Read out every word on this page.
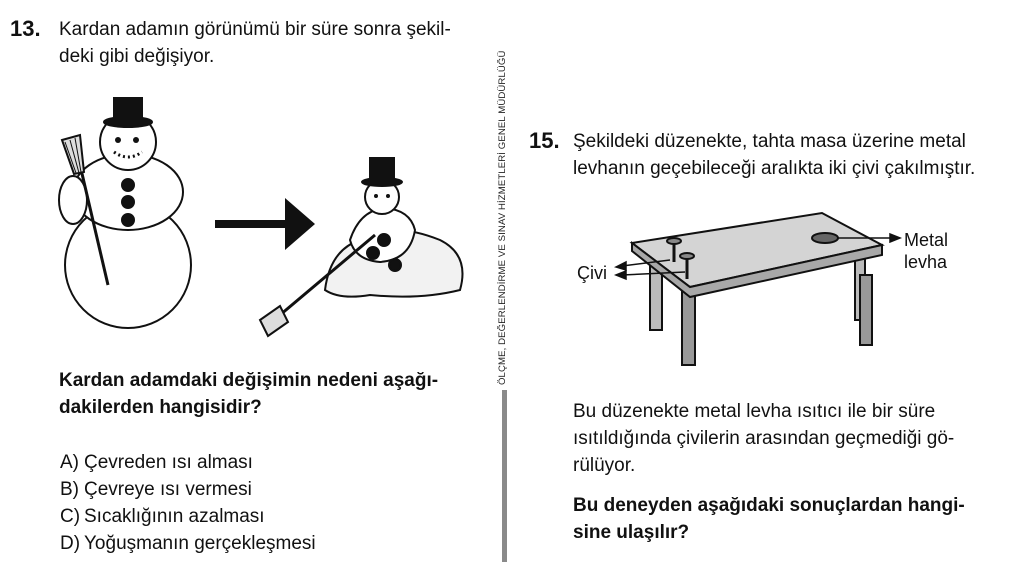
13. Kardan adamın görünümü bir süre sonra şekil-
deki gibi değişiyor.
Kardan adamdaki değişimin nedeni aşağı-
dakilerden hangisidir?
A) Çevreden ısı alması
B) Çevreye ısı vermesi
C) Sıcaklığının azalması
D) Yoğuşmanın gerçekleşmesi
ÖLÇME, DEĞERLENDİRME VE SINAV HİZMETLERİ GENEL MÜDÜRLÜĞÜ 15. Şekildeki düzenekte, tahta masa üzerine metal
levhanın geçebileceği aralıkta iki çivi çakılmıştır.
Çivi
Metal
levha
Bu düzenekte metal levha ısıtıcı ile bir süre
ısıtıldığında çivilerin arasından geçmediği gö-
rülüyor.
Bu deneyden aşağıdaki sonuçlardan hangi-
sine ulaşılır?
